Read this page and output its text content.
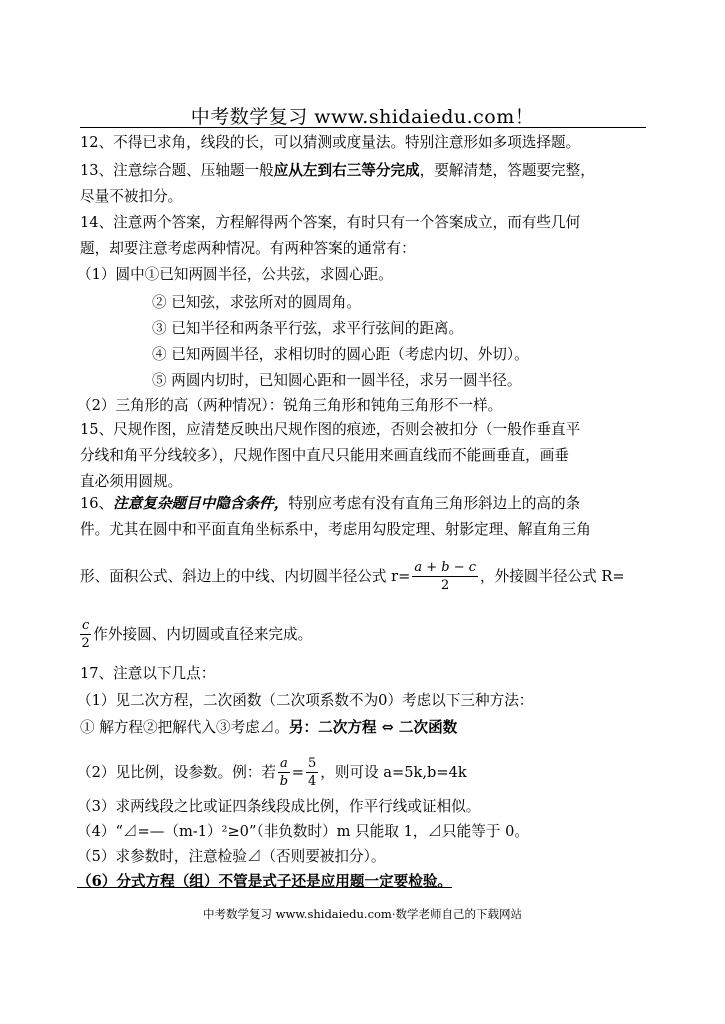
中考数学复习 www.shidaiedu.com！
12、不得已求角，线段的长，可以猜测或度量法。特别注意形如多项选择题。
13、注意综合题、压轴题一般应从左到右三等分完成，要解清楚，答题要完整，
尽量不被扣分。
14、注意两个答案，方程解得两个答案，有时只有一个答案成立，而有些几何
题，却要注意考虑两种情况。有两种答案的通常有：
（1）圆中①已知两圆半径，公共弦，求圆心距。
② 已知弦，求弦所对的圆周角。
③ 已知半径和两条平行弦，求平行弦间的距离。
④ 已知两圆半径，求相切时的圆心距（考虑内切、外切）。
⑤ 两圆内切时，已知圆心距和一圆半径，求另一圆半径。
（2）三角形的高（两种情况）：锐角三角形和钝角三角形不一样。
15、尺规作图，应清楚反映出尺规作图的痕迹，否则会被扣分（一般作垂直平
分线和角平分线较多），尺规作图中直尺只能用来画直线而不能画垂直，画垂
直必须用圆规。
16、注意复杂题目中隐含条件，特别应考虑有没有直角三角形斜边上的高的条
件。尤其在圆中和平面直角坐标系中，考虑用勾股定理、射影定理、解直角三角
形、面积公式、斜边上的中线、内切圆半径公式 $r= \frac{a + b - c}{2}$ ，外接圆半径公式 R=
$\frac{c}{2}$ 作外接圆、内切圆或直径来完成。
17、注意以下几点：
（1）见二次方程，二次函数（二次项系数不为0）考虑以下三种方法：
① 解方程②把解代入③考虑⊿。另：二次方程 ⇔ 二次函数
（2）见比例，设参数。例：若 $\frac{a}{b} = \frac{5}{4}$ ，则可设 a=5k,b=4k
（3）求两线段之比或证四条线段成比例，作平行线或证相似。
（4）“⊿=—（m-1）²≥0”（非负数时）m 只能取 1，⊿只能等于 0。
（5）求参数时，注意检验⊿（否则要被扣分）。
（6）分式方程（组）不管是式子还是应用题一定要检验。
中考数学复习 www.shidaiedu.com·数学老师自己的下载网站
